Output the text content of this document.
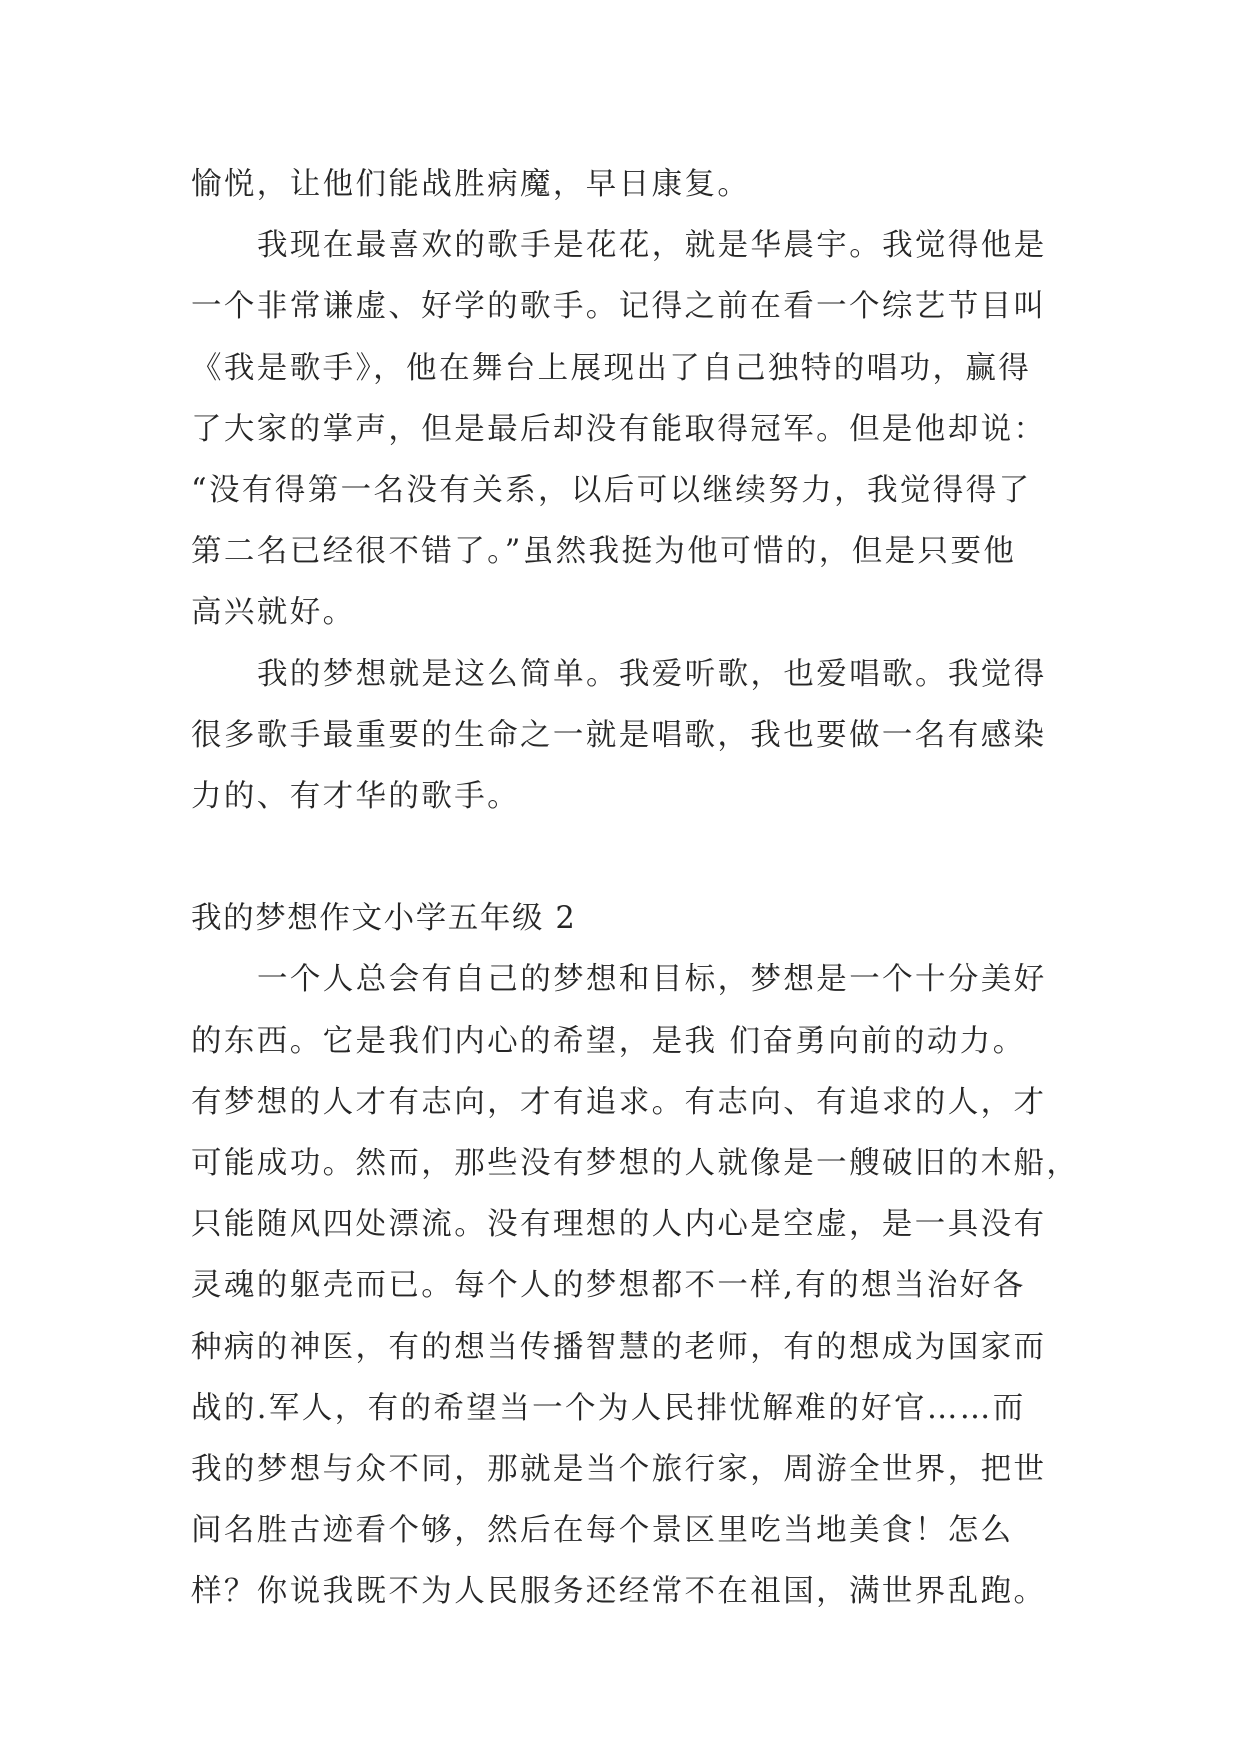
愉悦，让他们能战胜病魔，早日康复。
我现在最喜欢的歌手是花花，就是华晨宇。我觉得他是
一个非常谦虚、好学的歌手。记得之前在看一个综艺节目叫
《我是歌手》，他在舞台上展现出了自己独特的唱功，赢得
了大家的掌声，但是最后却没有能取得冠军。但是他却说：
“没有得第一名没有关系，以后可以继续努力，我觉得得了
第二名已经很不错了。”虽然我挺为他可惜的，但是只要他
高兴就好。
我的梦想就是这么简单。我爱听歌，也爱唱歌。我觉得
很多歌手最重要的生命之一就是唱歌，我也要做一名有感染
力的、有才华的歌手。
我的梦想作文小学五年级 2
一个人总会有自己的梦想和目标，梦想是一个十分美好
的东西。它是我们内心的希望，是我 们奋勇向前的动力。
有梦想的人才有志向，才有追求。有志向、有追求的人，才
可能成功。然而，那些没有梦想的人就像是一艘破旧的木船，
只能随风四处漂流。没有理想的人内心是空虚，是一具没有
灵魂的躯壳而已。每个人的梦想都不一样,有的想当治好各
种病的神医，有的想当传播智慧的老师，有的想成为国家而
战的.军人，有的希望当一个为人民排忧解难的好官……而
我的梦想与众不同，那就是当个旅行家，周游全世界，把世
间名胜古迹看个够，然后在每个景区里吃当地美食！怎么
样？你说我既不为人民服务还经常不在祖国，满世界乱跑。
